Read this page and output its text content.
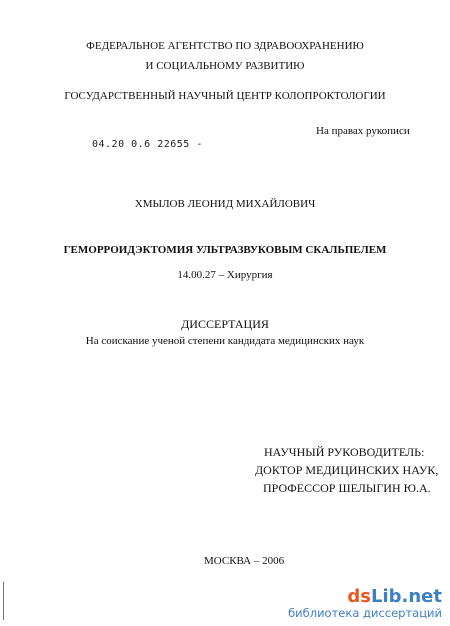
ФЕДЕРАЛЬНОЕ АГЕНТСТВО ПО ЗДРАВООХРАНЕНИЮ
И СОЦИАЛЬНОМУ РАЗВИТИЮ
ГОСУДАРСТВЕННЫЙ НАУЧНЫЙ ЦЕНТР КОЛОПРОКТОЛОГИИ
На правах рукописи
04.20 0.6 22655 -
ХМЫЛОВ ЛЕОНИД МИХАЙЛОВИЧ
ГЕМОРРОИДЭКТОМИЯ УЛЬТРАЗВУКОВЫМ СКАЛЬПЕЛЕМ
14.00.27 – Хирургия
ДИССЕРТАЦИЯ
На соискание ученой степени кандидата медицинских наук
НАУЧНЫЙ РУКОВОДИТЕЛЬ:
ДОКТОР МЕДИЦИНСКИХ НАУК,
ПРОФЕССОР ШЕЛЫГИН Ю.А.
МОСКВА – 2006
dsLib.net
библиотека диссертаций
